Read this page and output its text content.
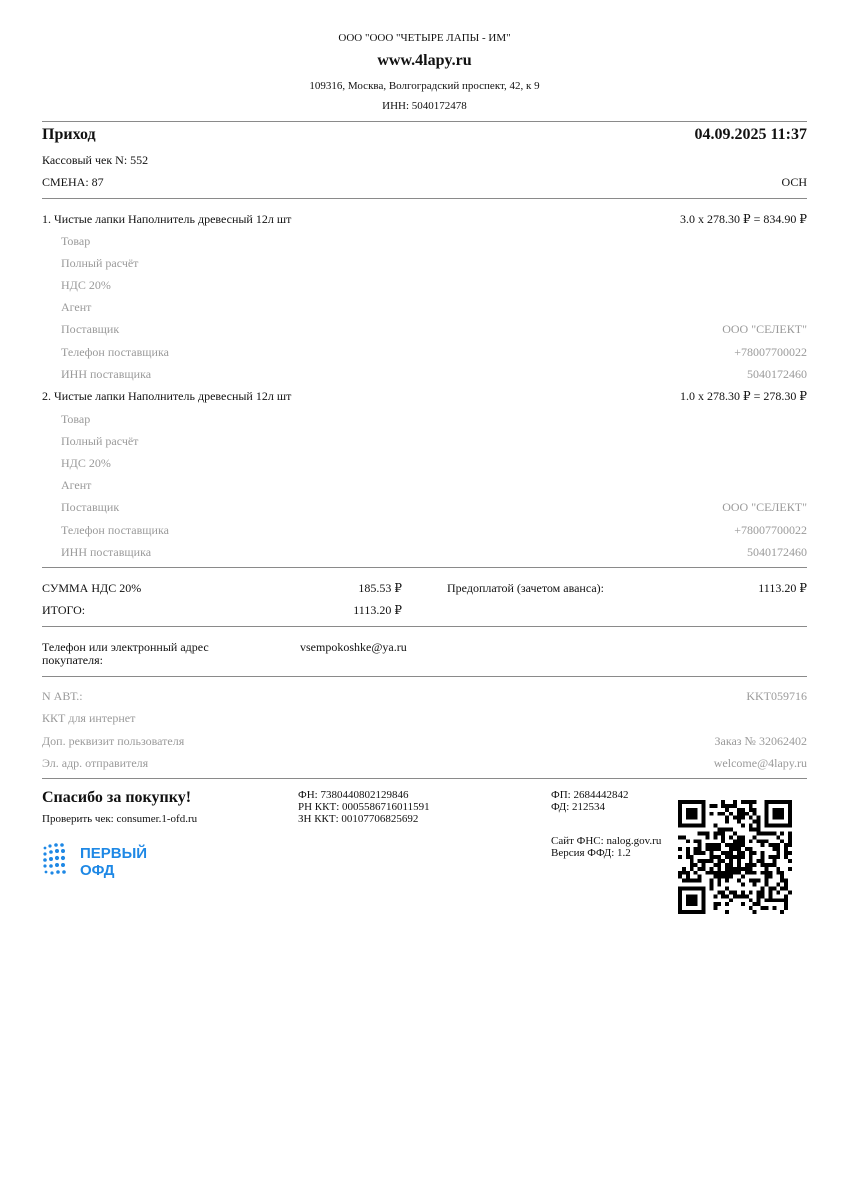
ООО "ООО "ЧЕТЫРЕ ЛАПЫ - ИМ"
www.4lapy.ru
109316, Москва, Волгоградский проспект, 42, к 9
ИНН: 5040172478
Приход	04.09.2025 11:37
Кассовый чек N: 552
СМЕНА: 87	ОСН
1. Чистые лапки Наполнитель древесный 12л шт	3.0 x 278.30 ₽ = 834.90 ₽
Товар
Полный расчёт
НДС 20%
Агент
Поставщик	ООО "СЕЛЕКТ"
Телефон поставщика	+78007700022
ИНН поставщика	5040172460
2. Чистые лапки Наполнитель древесный 12л шт	1.0 x 278.30 ₽ = 278.30 ₽
Товар
Полный расчёт
НДС 20%
Агент
Поставщик	ООО "СЕЛЕКТ"
Телефон поставщика	+78007700022
ИНН поставщика	5040172460
СУММА НДС 20%	185.53 ₽	Предоплатой (зачетом аванса):	1113.20 ₽
ИТОГО:	1113.20 ₽
Телефон или электронный адрес
покупателя:
vsempokoshke@ya.ru
N АВТ.:	KKT059716
ККТ для интернет
Доп. реквизит пользователя	Заказ № 32062402
Эл. адр. отправителя	welcome@4lapy.ru
Спасибо за покупку!
Проверить чек: consumer.1-ofd.ru
ФН: 7380440802129846
РН ККТ: 0005586716011591
ЗН ККТ: 00107706825692
ФП: 2684442842
ФД: 212534
Сайт ФНС: nalog.gov.ru
Версия ФФД: 1.2
ПЕРВЫЙ
ОФД
